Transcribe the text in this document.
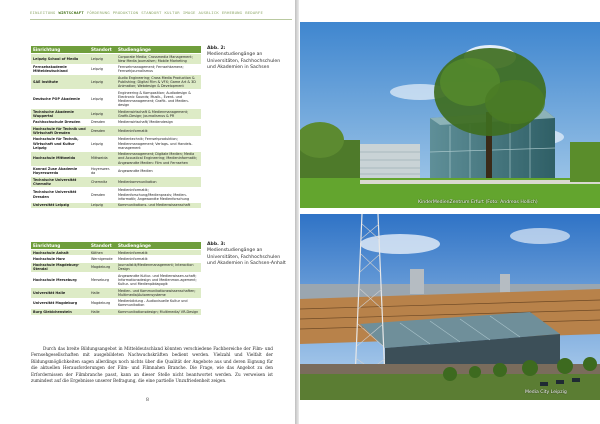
EINLEITUNG WIRTSCHAFT FÖRDERUNG PRODUKTION STANDORT KULTUR IMAGE AUSBLICK ERHEBUNG BEDARFE
Einrichtung	Standort	Studiengänge
Leipzig School of Media	Leipzig	Corporate Media; Crossmedia Management; New Media Journalism; Mobile Marketing
Fernsehakademie Mitteldeutschland	Leipzig	Fernsehmanagement; Fernsehkamera; Fernsehjournalismus
SAE Institute	Leipzig	Audio Engineering; Cross Media Production & Publishing; Digital Film & VFX; Game Art & 3D Animation; Webdesign & Development
Deutsche POP Akademie	Leipzig	Engineering & Komposition; Audiodesign & Electronic Sounds; Musik-, Event- und Medienmanagement; Grafik- und Medien-design
Technische Akademie Wuppertal	Leipzig	Medienwirtschaft & Medienmanagement; Grafik-Design; Journalismus & PR
Fachhochschule Dresden	Dresden	Medienwirtschaft/ Mediendesign
Hochschule für Technik und Wirtschaft Dresden	Dresden	Medieninformatik
Hochschule für Technik, Wirtschaft und Kultur Leipzig	Leipzig	Medientechnik; Fernsehproduktion; Medienmanagement; Verlags- und Handels-management
Hochschule Mittweida	Mittweida	Medienmanagement; Digitale Medien; Media and Acoustical Engineering; Medieninformatik; Angewandte Medien: Film und Fernsehen
Konrad Zuse Akademie Hoyerswerda	Hoyerswer-da	Angewandte Medien
Technische Universität Chemnitz	Chemnitz	Medienkommunikation
Technische Universität Dresden	Dresden	Medieninformatik; Medienforschung/Medienpraxis; Medien-informatik; Angewandte Medienforschung
Universität Leipzig	Leipzig	Kommunikations- und Medienwissenschaft
Abb. 2:
Medienstudiengänge an Universitäten, Fachhochschulen und Akademien in Sachsen
Einrichtung	Standort	Studiengänge
Hochschule Anhalt	Köthen	Medieninformatik
Hochschule Harz	Wernigerode	Medieninformatik
Hochschule Magdeburg-Stendal	Magdeburg	Journalistik/Medienmanagement; Interaction Design
Hochschule Merseburg	Merseburg	Angewandte Kultur- und Medienwissen-schaft; Informationsdesign und Medienman-agement; Kultur- und Medienpädagogik
Universität Halle	Halle	Medien- und Kommunikationswissenschaften; Multimedia/Autorensysteme
Universität Magdeburg	Magdeburg	Medienbildung - Audiovisuelle Kultur und Kommunikation
Burg Giebichenstein	Halle	Kommunikationsdesign; Multimedia/ VR-Design
Abb. 3:
Medienstudiengänge an Universitäten, Fachhochschulen und Akademien in Sachsen-Anhalt

Durch das breite Bildungsangebot in Mitteldeutschland könnten verschiedene Fachbereiche der Film- und Fernsehgesellschaften mit ausgebildeten Nachwuchskräften bedient werden. Vielzahl und Vielfalt der Bildungsmöglichkeiten sagen allerdings noch nichts über die Qualität der Angebote aus und deren Eignung für die aktuellen Herausforderungen der Film- und Filmnahen Branche. Die Frage, wie das Angebot zu den Erfordernissen der Filmbranche passt, kann an dieser Stelle nicht beantwortet werden. Zu verweisen ist zumindest auf die Ergebnisse unserer Befragung, die eine partielle Unzufriedenheit zeigen.

8
KinderMedienZentrum Erfurt (Foto: Andreas Hollich)
Media City Leipzig
